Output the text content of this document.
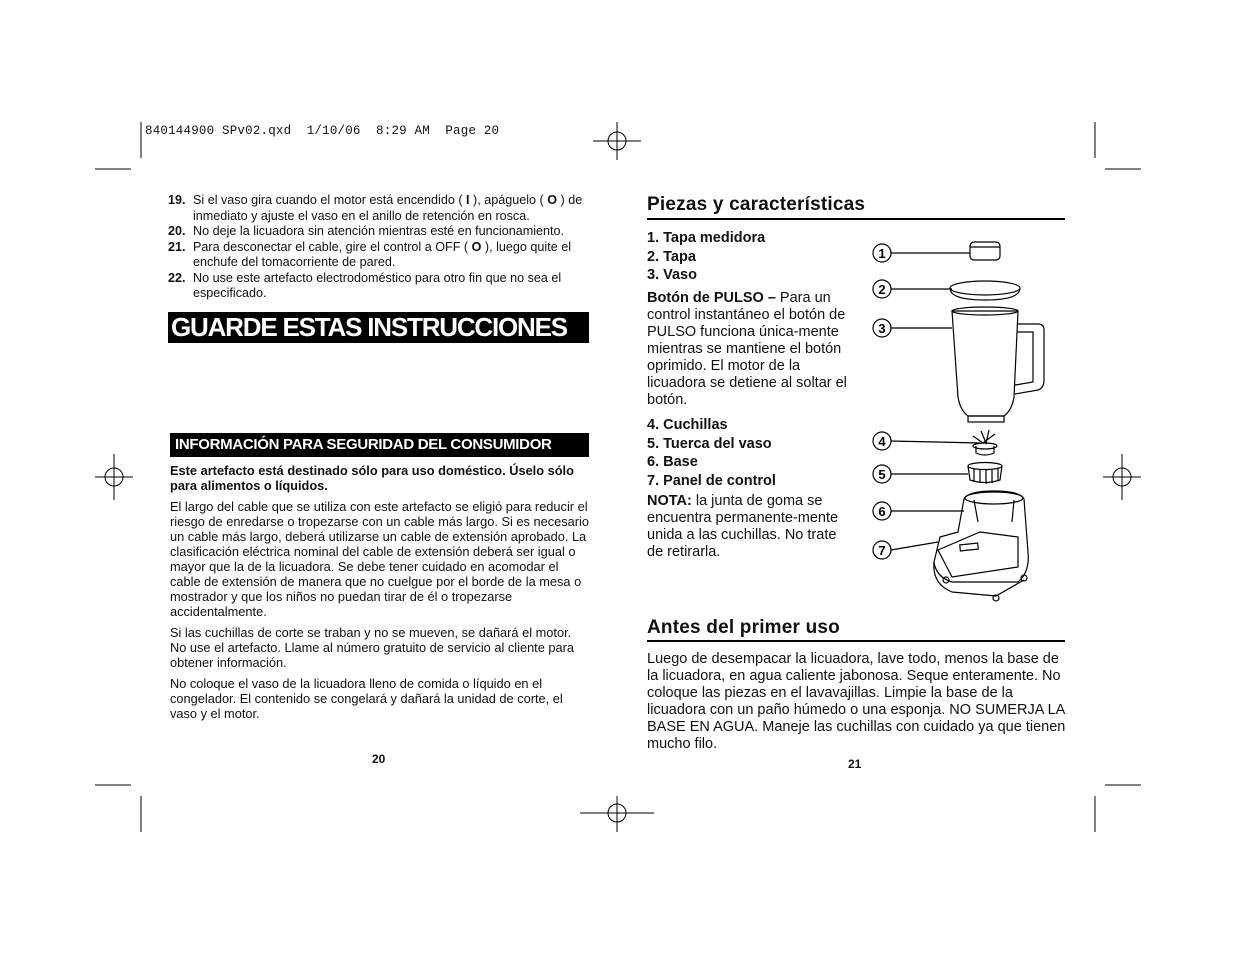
840144900 SPv02.qxd  1/10/06  8:29 AM  Page 20
19. Si el vaso gira cuando el motor está encendido ( I ), apáguelo ( O ) de inmediato y ajuste el vaso en el anillo de retención en rosca.
20. No deje la licuadora sin atención mientras esté en funcionamiento.
21. Para desconectar el cable, gire el control a OFF ( O ), luego quite el enchufe del tomacorriente de pared.
22. No use este artefacto electrodoméstico para otro fin que no sea el especificado.
GUARDE ESTAS INSTRUCCIONES
INFORMACIÓN PARA SEGURIDAD DEL CONSUMIDOR

Este artefacto está destinado sólo para uso doméstico. Úselo sólo para alimentos o líquidos.

El largo del cable que se utiliza con este artefacto se eligió para reducir el riesgo de enredarse o tropezarse con un cable más largo. Si es necesario un cable más largo, deberá utilizarse un cable de extensión aprobado. La clasificación eléctrica nominal del cable de extensión deberá ser igual o mayor que la de la licuadora. Se debe tener cuidado en acomodar el cable de extensión de manera que no cuelgue por el borde de la mesa o mostrador y que los niños no puedan tirar de él o tropezarse accidentalmente.

Si las cuchillas de corte se traban y no se mueven, se dañará el motor. No use el artefacto. Llame al número gratuito de servicio al cliente para obtener información.

No coloque el vaso de la licuadora lleno de comida o líquido en el congelador. El contenido se congelará y dañará la unidad de corte, el vaso y el motor.

20
Piezas y características
1. Tapa medidora
2. Tapa
3. Vaso
Botón de PULSO – Para un control instantáneo el botón de PULSO funciona única-mente mientras se mantiene el botón oprimido. El motor de la licuadora se detiene al soltar el botón.
4. Cuchillas
5. Tuerca del vaso
6. Base
7. Panel de control
NOTA: la junta de goma se encuentra permanente-mente unida a las cuchillas. No trate de retirarla.
1
2
3
4
5
6
7
Antes del primer uso
Luego de desempacar la licuadora, lave todo, menos la base de la licuadora, en agua caliente jabonosa. Seque enteramente. No coloque las piezas en el lavavajillas. Limpie la base de la licuadora con un paño húmedo o una esponja. NO SUMERJA LA BASE EN AGUA. Maneje las cuchillas con cuidado ya que tienen mucho filo.
21
